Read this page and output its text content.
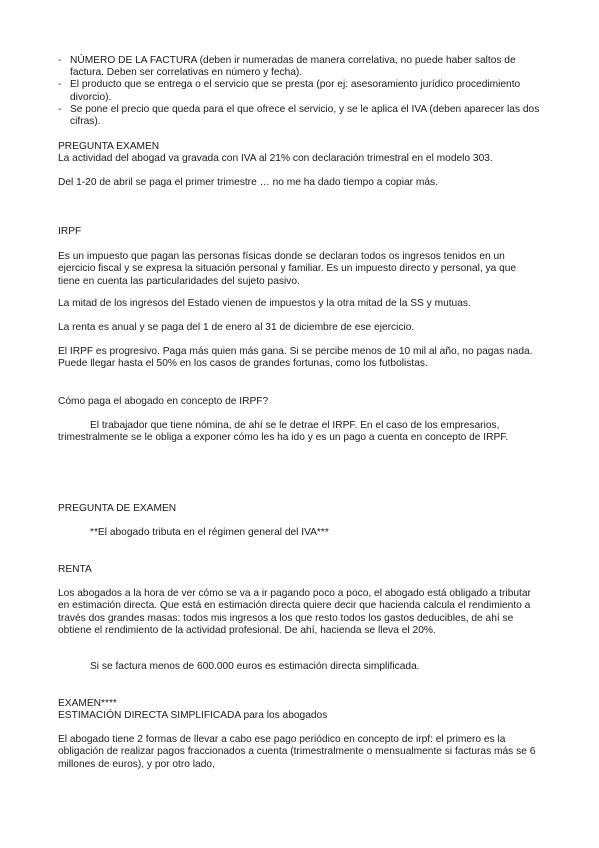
- NÚMERO DE LA FACTURA (deben ir numeradas de manera correlativa, no puede haber saltos de factura. Deben ser correlativas en número y fecha).
- El producto que se entrega o el servicio que se presta (por ej: asesoramiento jurídico procedimiento divorcio).
- Se pone el precio que queda para el que ofrece el servicio, y se le aplica el IVA (deben aparecer las dos cifras).

PREGUNTA EXAMEN

La actividad del abogad va gravada con IVA al 21% con declaración trimestral en el modelo 303.

Del 1-20 de abril se paga el primer trimestre … no me ha dado tiempo a copiar más.

IRPF

Es un impuesto que pagan las personas físicas donde se declaran todos os ingresos tenidos en un ejercicio fiscal y se expresa la situación personal y familiar. Es un impuesto directo y personal, ya que tiene en cuenta las particularidades del sujeto pasivo.

La mitad de los ingresos del Estado vienen de impuestos y la otra mitad de la SS y mutuas.

La renta es anual y se paga del 1 de enero al 31 de diciembre de ese ejercicio.

El IRPF es progresivo. Paga más quien más gana. Si se percibe menos de 10 mil al año, no pagas nada. Puede llegar hasta el 50% en los casos de grandes fortunas, como los futbolistas.

Cómo paga el abogado en concepto de IRPF?

El trabajador que tiene nómina, de ahí se le detrae el IRPF. En el caso de los empresarios, trimestralmente se le obliga a exponer cómo les ha ido y es un pago a cuenta en concepto de IRPF.

PREGUNTA DE EXAMEN

**El abogado tributa en el régimen general del IVA***

RENTA

Los abogados a la hora de ver cómo se va a ir pagando poco a poco, el abogado está obligado a tributar en estimación directa. Que está en estimación directa quiere decir que hacienda calcula el rendimiento a través dos grandes masas: todos mis ingresos a los que resto todos los gastos deducibles, de ahí se obtiene el rendimiento de la actividad profesional. De ahí, hacienda se lleva el 20%.

Si se factura menos de 600.000 euros es estimación directa simplificada.

EXAMEN****

ESTIMACIÓN DIRECTA SIMPLIFICADA para los abogados

El abogado tiene 2 formas de llevar a cabo ese pago periódico en concepto de irpf: el primero es la obligación de realizar pagos fraccionados a cuenta (trimestralmente o mensualmente si facturas más se 6 millones de euros), y por otro lado,
